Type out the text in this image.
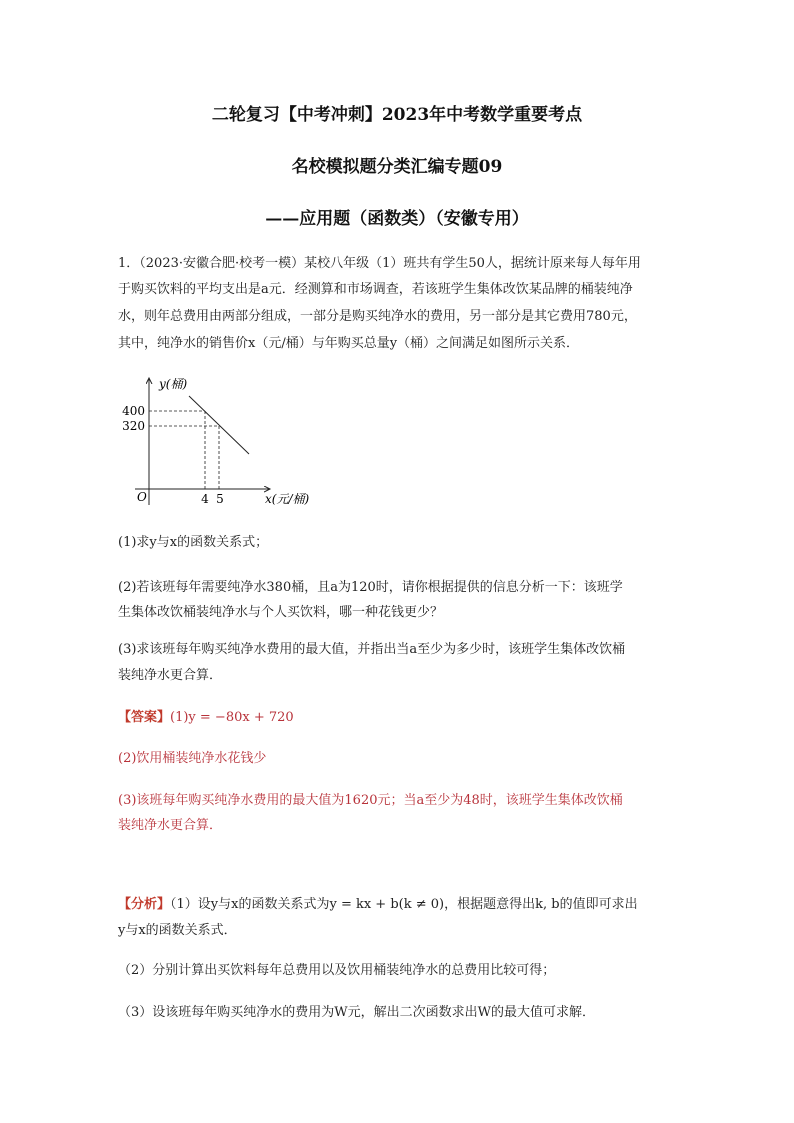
二轮复习【中考冲刺】2023年中考数学重要考点
名校模拟题分类汇编专题09
——应用题（函数类）（安徽专用）
1．（2023·安徽合肥·校考一模）某校八年级（1）班共有学生50人，据统计原来每人每年用
于购买饮料的平均支出是a元．经测算和市场调查，若该班学生集体改饮某品牌的桶装纯净
水，则年总费用由两部分组成，一部分是购买纯净水的费用，另一部分是其它费用780元，
其中，纯净水的销售价x（元/桶）与年购买总量y（桶）之间满足如图所示关系．
y(桶)
x(元/桶)
O
400
320
4 5
(1)求y与x的函数关系式；
(2)若该班每年需要纯净水380桶，且a为120时，请你根据提供的信息分析一下：该班学
生集体改饮桶装纯净水与个人买饮料，哪一种花钱更少？
(3)求该班每年购买纯净水费用的最大值，并指出当a至少为多少时，该班学生集体改饮桶
装纯净水更合算．
【答案】(1)y = −80x + 720
(2)饮用桶装纯净水花钱少
(3)该班每年购买纯净水费用的最大值为1620元；当a至少为48时，该班学生集体改饮桶
装纯净水更合算．
【分析】（1）设y与x的函数关系式为y = kx + b(k ≠ 0)，根据题意得出k, b的值即可求出
y与x的函数关系式．
（2）分别计算出买饮料每年总费用以及饮用桶装纯净水的总费用比较可得；
（3）设该班每年购买纯净水的费用为W元，解出二次函数求出W的最大值可求解．
